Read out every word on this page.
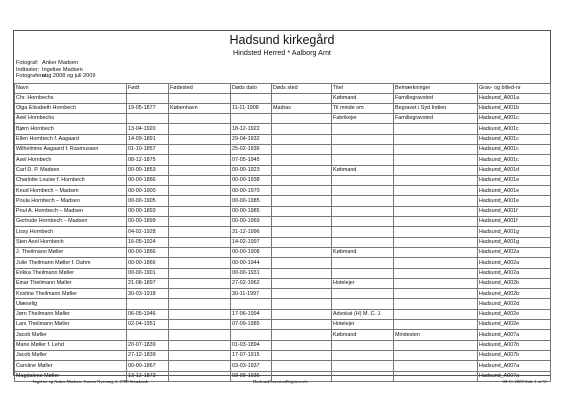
Hadsund kirkegård
Hindsted Herred * Aalborg Amt
Fotograf: Anker Madsen
Indtaster: Ingelise Madsen
Fotograferet:
aug 2008 og juli 2009
Navn	Født	Fødested	Døds dato	Døds sted	Titel	Bemærkninger	Grav- og billed-nr
Chr. Hornbechs					Købmand	Familiegravsted	Hadsund_A001a
Olga Elisabeth Hornbech	19-05-1877	København	11-11-1908	Madras	Til minde om	Begravet i Syd Indien	Hadsund_A001b
Axel Hornbechs					Fabrikejer	Familiegravsted	Hadsund_A001c
Bjørn Hornbech	13-04-1920		18-12-1922				Hadsund_A001c
Ellen Hornbech f. Aagaard	14-09-1891		29-04-1932				Hadsund_A001c
Wilhelmine Aagaard f. Rasmussen	01-10-1857		25-02-1936				Hadsund_A001c
Axel Hornbech	08-12-1875		07-05-1945				Hadsund_A001c
Carl D. P. Madsen	00-00-1853		00-00-1923		Købmand		Hadsund_A001d
Charlotte Louise f. Hornbech	00-00-1866		00-00-1938				Hadsund_A001e
Knud Hornbech – Madsen	00-00-1900		00-00-1970				Hadsund_A001e
Poula Hornbech – Madsen	00-00-1905		00-00-1985				Hadsund_A001e
Poul A. Hornbech – Madsen	00-00-1893		00-00-1985				Hadsund_A001f
Gertrude Hornbech – Madsen	00-00-1899		00-00-1969				Hadsund_A001f
Lissy Hornbech	04-02-1928		31-12-1996				Hadsund_A001g
Sten Axel Hornbech	16-05-1924		14-02-1997				Hadsund_A001g
J. Theilmann Møller	00-00-1866		00-00-1908		Købmand		Hadsund_A002a
Julie Theilmann Møller f. Dahm	00-00-1866		00-00-1944				Hadsund_A002a
Erikka Theilmann Møller	00-00-1901		00-00-1931				Hadsund_A002a
Einar Theilmann Møller	21-08-1897		27-02-1962		Hotelejer		Hadsund_A002b
Kristine Theilmann Møller	30-03-1918		30-11-1997				Hadsund_A002b
Ulæselig							Hadsund_A002d
Jørn Theilmann Møller	06-05-1946		17-06-1994		Advokat (H) M. C. J.		Hadsund_A002e
Lars Theilmann Møller	02-04-1951		07-09-1985		Hotelejer		Hadsund_A002e
Jacob Møller					Købmand	Mindesten	Hadsund_A007a
Marie Møller f. Lehd	20-07-1839		01-03-1894				Hadsund_A007b
Jacob Møller	27-12-1839		17-07-1915				Hadsund_A007b
Caroline Møller	00-00-1867		03-03-1937				Hadsund_A007a
Magdalene Møller	13-12-1873		03-09-1936				Hadsund_A007a
Ingelise og Anker Madsen, Sween Nyevang 2, 4780 Stambank	HadsundGravstenRegister.xls	08-11-2009 Side 1 af 31
